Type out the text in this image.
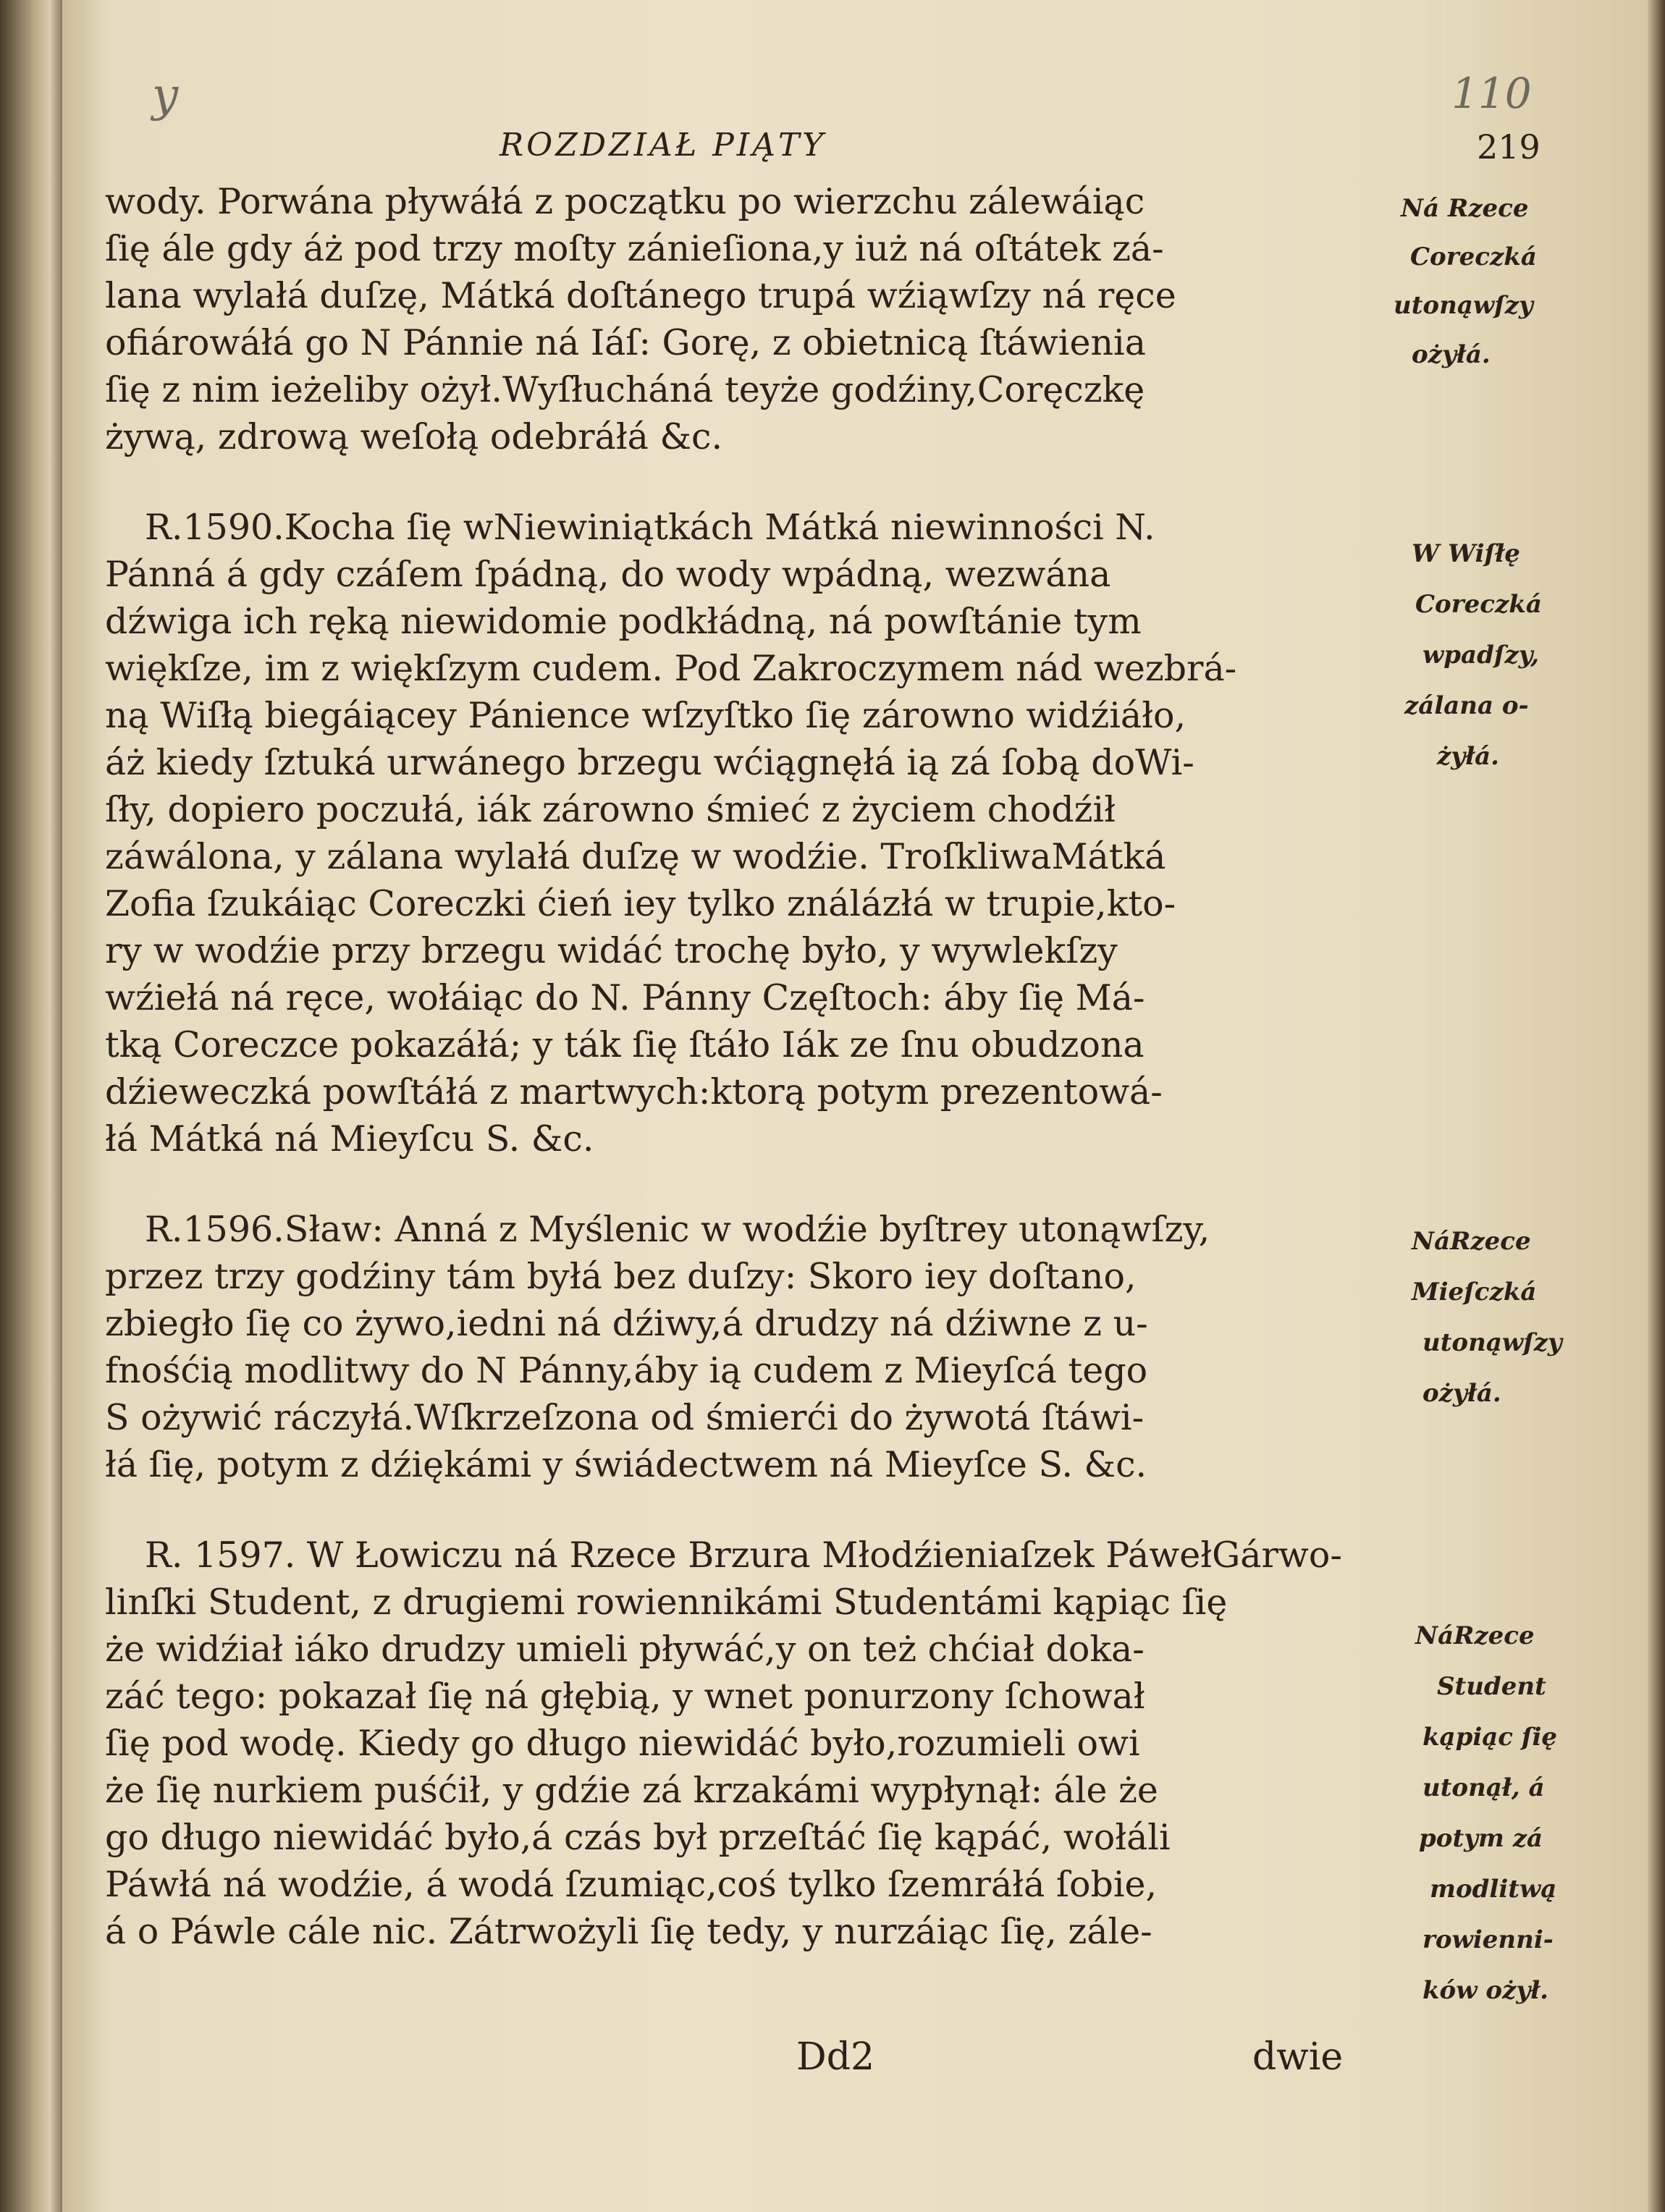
y	110
ROZDZIAŁ PIĄTY	219
wody. Porwána pływáłá z początku po wierzchu zálewáiąc
ſię ále gdy áż pod trzy moſty zánieſiona,y iuż ná oſtátek zá-
lana wylałá duſzę, Mátká doſtánego trupá wźiąwſzy ná ręce
ofiárowáłá go N Pánnie ná Iáſ: Gorę, z obietnicą ſtáwienia
ſię z nim ieżeliby ożył.Wyſłucháná teyże godźiny,Coręczkę
żywą, zdrową weſołą odebráłá &c.
R.1590.Kocha ſię wNiewiniątkách Mátká niewinności N.
Pánná á gdy czáſem ſpádną, do wody wpádną, wezwána
dźwiga ich ręką niewidomie podkłádną, ná powſtánie tym
więkſze, im z więkſzym cudem. Pod Zakroczymem nád wezbrá-
ną Wiſłą biegáiącey Pánience wſzyſtko ſię zárowno widźiáło,
áż kiedy ſztuká urwánego brzegu wćiągnęłá ią zá ſobą doWi-
ſły, dopiero poczułá, iák zárowno śmieć z życiem chodźił
záwálona, y zálana wylałá duſzę w wodźie. TroſkliwaMátká
Zofia ſzukáiąc Coreczki ćień iey tylko ználázłá w trupie,kto-
ry w wodźie przy brzegu widáć trochę było, y wywlekſzy
wźiełá ná ręce, wołáiąc do N. Pánny Częſtoch: áby ſię Má-
tką Coreczce pokazáłá; y ták ſię ſtáło Iák ze ſnu obudzona
dźieweczká powſtáłá z martwych:ktorą potym prezentowá-
łá Mátká ná Mieyſcu S. &c.
R.1596.Sław: Anná z Myślenic w wodźie byſtrey utonąwſzy,
przez trzy godźiny tám byłá bez duſzy: Skoro iey doſtano,
zbiegło ſię co żywo,iedni ná dźiwy,á drudzy ná dźiwne z u-
fnośćią modlitwy do N Pánny,áby ią cudem z Mieyſcá tego
S ożywić ráczyłá.Wſkrzeſzona od śmierći do żywotá ſtáwi-
łá ſię, potym z dźiękámi y świádectwem ná Mieyſce S. &c.
R. 1597. W Łowiczu ná Rzece Brzura Młodźieniaſzek PáwełGárwo-
linſki Student, z drugiemi rowiennikámi Studentámi kąpiąc ſię
że widźiał iáko drudzy umieli pływáć,y on też chćiał doka-
záć tego: pokazał ſię ná głębią, y wnet ponurzony ſchował
ſię pod wodę. Kiedy go długo niewidáć było,rozumieli owi
że ſię nurkiem puśćił, y gdźie zá krzakámi wypłynął: ále że
go długo niewidáć było,á czás był przeſtáć ſię kąpáć, wołáli
Páwłá ná wodźie, á wodá ſzumiąc,coś tylko ſzemráłá ſobie,
á o Páwle cále nic. Zátrwożyli ſię tedy, y nurzáiąc ſię, zále-
Ná Rzece
Coreczká
utonąwſzy
ożyłá.
W Wiſłę
Coreczká
wpadſzy,
zálana o-
żyłá.
NáRzece
Mieſczká
utonąwſzy
ożyłá.
NáRzece
Student
kąpiąc ſię
utonął, á
potym zá
modlitwą
rowienni-
ków ożył.
Dd2	dwie
